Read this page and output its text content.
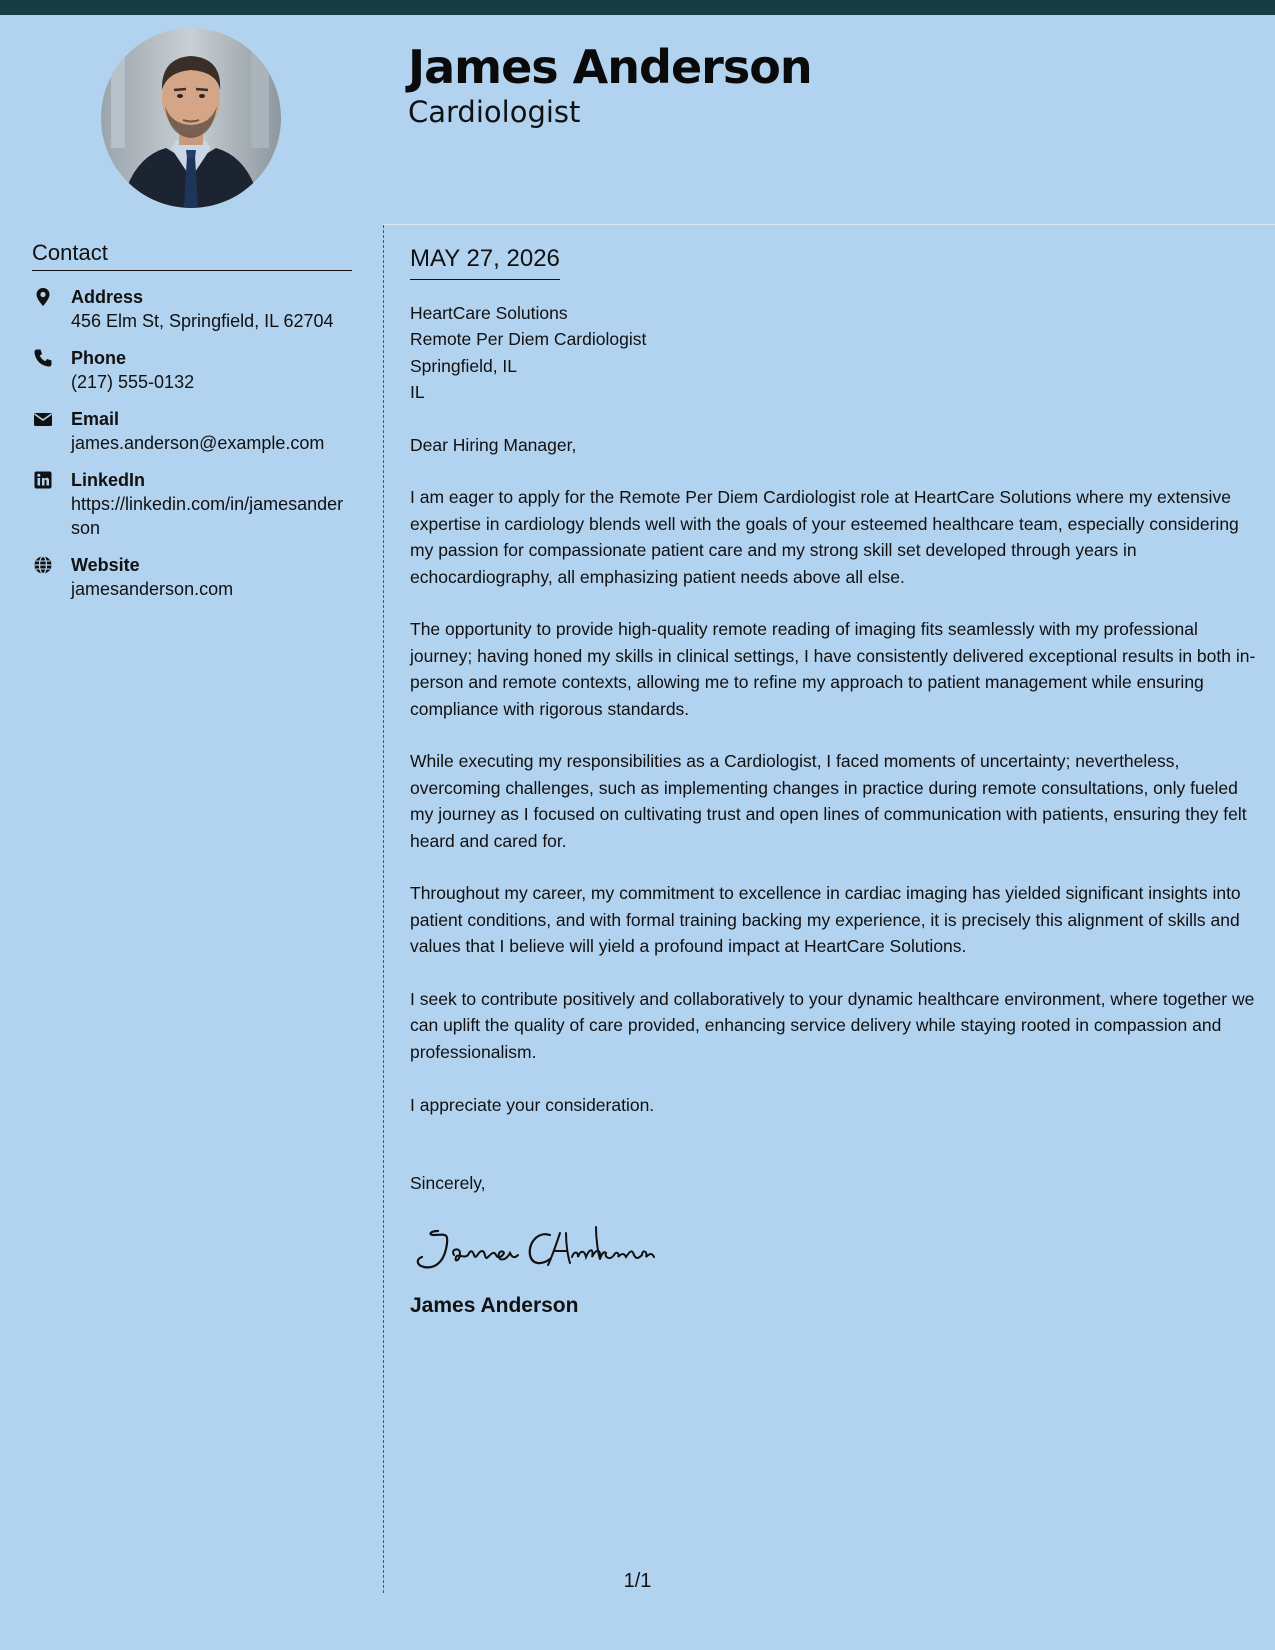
James Anderson
Cardiologist
Contact
Address
456 Elm St, Springfield, IL 62704
Phone
(217) 555-0132
Email
james.anderson@example.com
LinkedIn
https://linkedin.com/in/jamesanderson
Website
jamesanderson.com
MAY 27, 2026

HeartCare Solutions

Remote Per Diem Cardiologist

Springfield, IL

IL

Dear Hiring Manager,

I am eager to apply for the Remote Per Diem Cardiologist role at HeartCare Solutions where my extensive expertise in cardiology blends well with the goals of your esteemed healthcare team, especially considering my passion for compassionate patient care and my strong skill set developed through years in echocardiography, all emphasizing patient needs above all else.

The opportunity to provide high-quality remote reading of imaging fits seamlessly with my professional journey; having honed my skills in clinical settings, I have consistently delivered exceptional results in both in-person and remote contexts, allowing me to refine my approach to patient management while ensuring compliance with rigorous standards.

While executing my responsibilities as a Cardiologist, I faced moments of uncertainty; nevertheless, overcoming challenges, such as implementing changes in practice during remote consultations, only fueled my journey as I focused on cultivating trust and open lines of communication with patients, ensuring they felt heard and cared for.

Throughout my career, my commitment to excellence in cardiac imaging has yielded significant insights into patient conditions, and with formal training backing my experience, it is precisely this alignment of skills and values that I believe will yield a profound impact at HeartCare Solutions.

I seek to contribute positively and collaboratively to your dynamic healthcare environment, where together we can uplift the quality of care provided, enhancing service delivery while staying rooted in compassion and professionalism.

I appreciate your consideration.

Sincerely,
James Anderson
1/1
